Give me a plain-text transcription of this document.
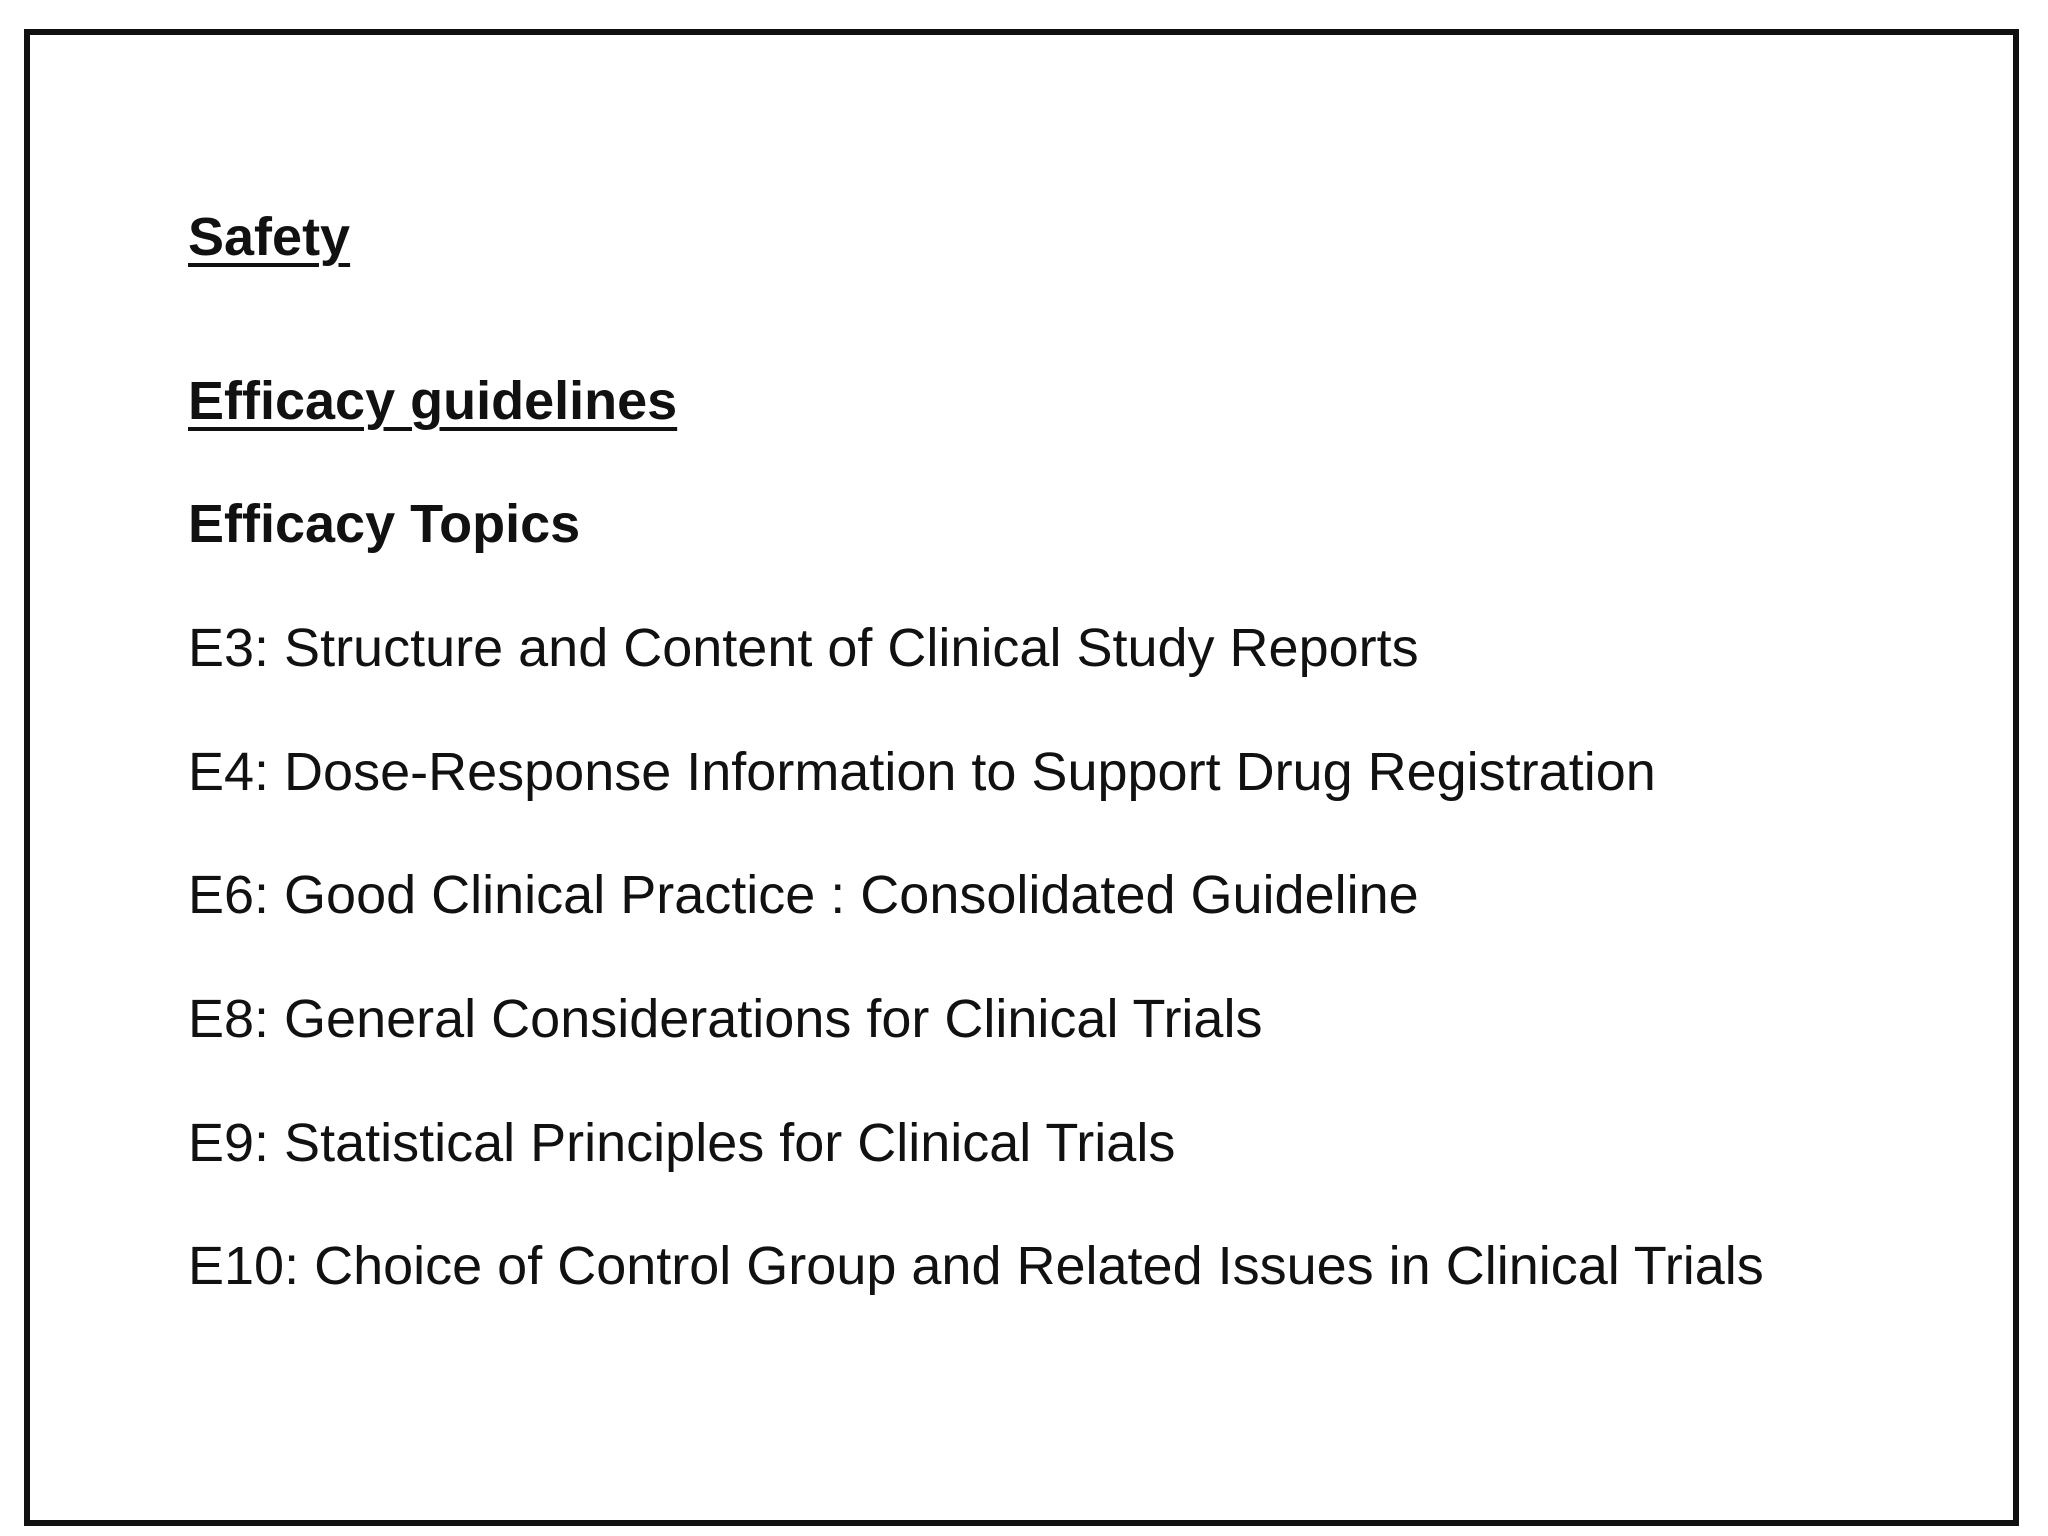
Safety
Efficacy guidelines
Efficacy Topics
E3: Structure and Content of Clinical Study Reports
E4: Dose-Response Information to Support Drug Registration
E6: Good Clinical Practice : Consolidated Guideline
E8: General Considerations for Clinical Trials
E9: Statistical Principles for Clinical Trials
E10: Choice of Control Group and Related Issues in Clinical Trials
